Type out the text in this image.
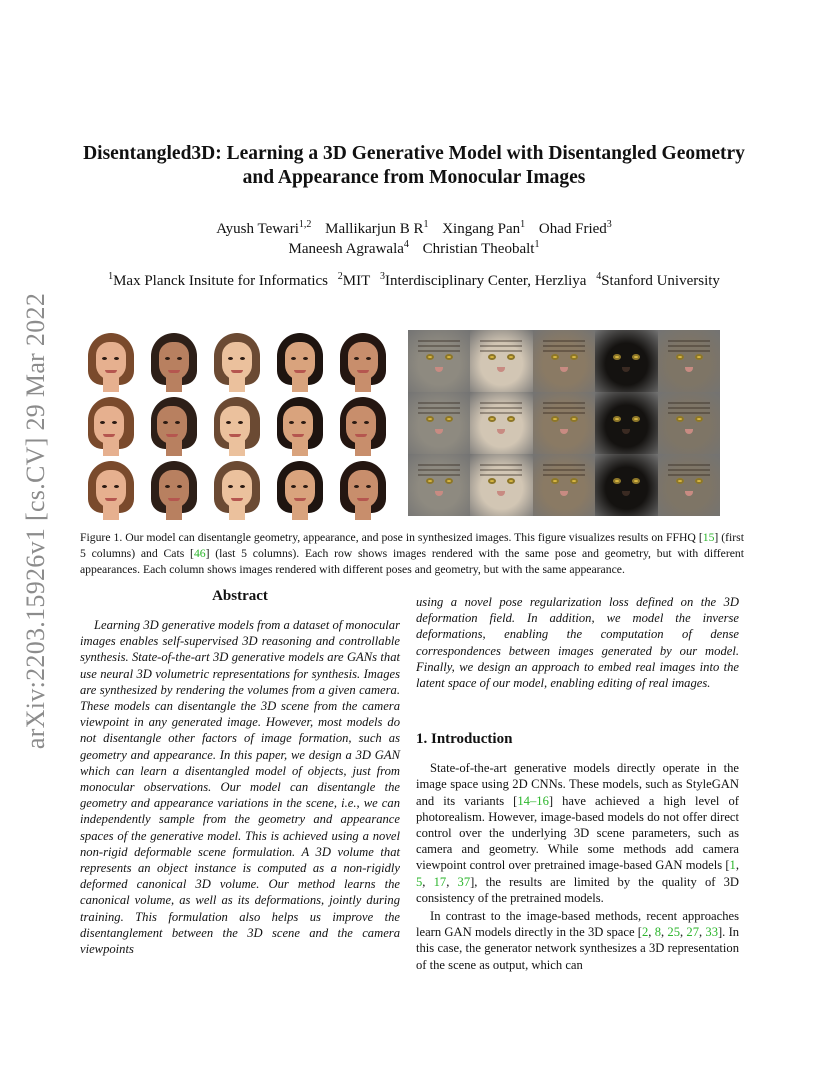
arXiv:2203.15926v1 [cs.CV] 29 Mar 2022
Disentangled3D: Learning a 3D Generative Model with Disentangled Geometry
and Appearance from Monocular Images
Ayush Tewari$^{1,2}$ Mallikarjun B $R^1$ Xingang Pan$^1$ Ohad Fried$^3$
Maneesh Agrawala$^4$ Christian Theobalt$^1$
$^1$Max Planck Insitute for Informatics $^2$MIT $^3$Interdisciplinary Center, Herzliya $^4$Stanford University
Figure 1. Our model can disentangle geometry, appearance, and pose in synthesized images. This figure visualizes results on FFHQ [15] (first 5 columns) and Cats [46] (last 5 columns). Each row shows images rendered with the same pose and geometry, but with different appearances. Each column shows images rendered with different poses and geometry, but with the same appearance.
Abstract

Learning 3D generative models from a dataset of monocular images enables self-supervised 3D reasoning and controllable synthesis. State-of-the-art 3D generative models are GANs that use neural 3D volumetric representations for synthesis. Images are synthesized by rendering the volumes from a given camera. These models can disentangle the 3D scene from the camera viewpoint in any generated image. However, most models do not disentangle other factors of image formation, such as geometry and appearance. In this paper, we design a 3D GAN which can learn a disentangled model of objects, just from monocular observations. Our model can disentangle the geometry and appearance variations in the scene, i.e., we can independently sample from the geometry and appearance spaces of the generative model. This is achieved using a novel non-rigid deformable scene formulation. A 3D volume that represents an object instance is computed as a non-rigidly deformed canonical 3D volume. Our method learns the canonical volume, as well as its deformations, jointly during training. This formulation also helps us improve the disentanglement between the 3D scene and the camera viewpoints

using a novel pose regularization loss defined on the 3D deformation field. In addition, we model the inverse deformations, enabling the computation of dense correspondences between images generated by our model. Finally, we design an approach to embed real images into the latent space of our model, enabling editing of real images.

1. Introduction

State-of-the-art generative models directly operate in the image space using 2D CNNs. These models, such as StyleGAN and its variants [14–16] have achieved a high level of photorealism. However, image-based models do not offer direct control over the underlying 3D scene parameters, such as camera and geometry. While some methods add camera viewpoint control over pretrained image-based GAN models [1, 5, 17, 37], the results are limited by the quality of 3D consistency of the pretrained models.

In contrast to the image-based methods, recent approaches learn GAN models directly in the 3D space [2, 8, 25, 27, 33]. In this case, the generator network synthesizes a 3D representation of the scene as output, which can
